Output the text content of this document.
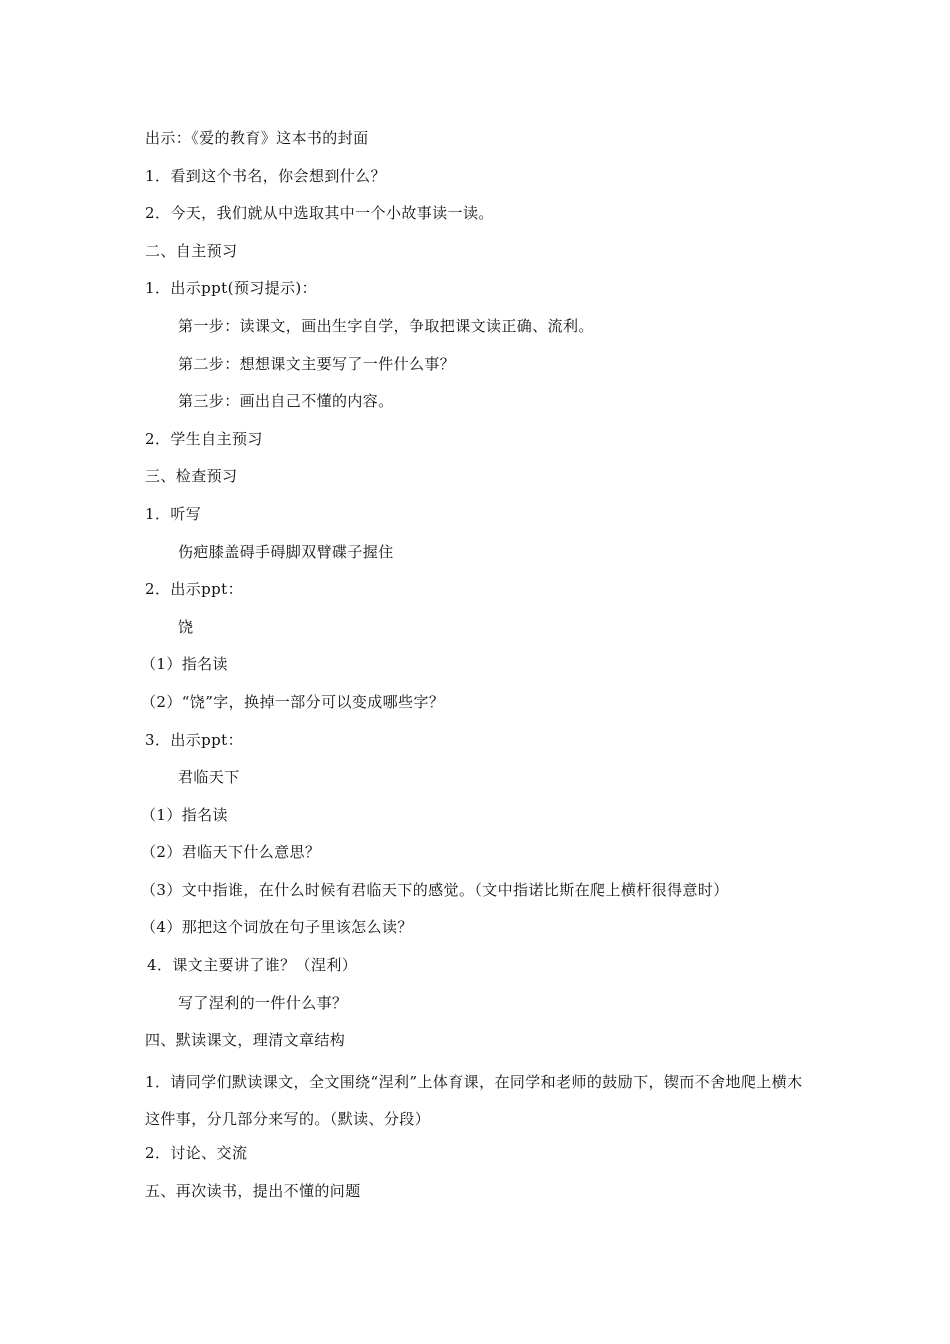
出示：《爱的教育》这本书的封面
1．看到这个书名，你会想到什么？
2．今天，我们就从中选取其中一个小故事读一读。
二、自主预习
1．出示ppt(预习提示)：
第一步：读课文，画出生字自学，争取把课文读正确、流利。
第二步：想想课文主要写了一件什么事？
第三步：画出自己不懂的内容。
2．学生自主预习
三、检查预习
1．听写
伤疤膝盖碍手碍脚双臂碟子握住
2．出示ppt：
饶
（1）指名读
（2）“饶”字，换掉一部分可以变成哪些字？
3．出示ppt：
君临天下
（1）指名读
（2）君临天下什么意思？
（3）文中指谁，在什么时候有君临天下的感觉。（文中指诺比斯在爬上横杆很得意时）
（4）那把这个词放在句子里该怎么读？
4．课文主要讲了谁？（涅利）
写了涅利的一件什么事？
四、默读课文，理清文章结构
1．请同学们默读课文，全文围绕“涅利”上体育课，在同学和老师的鼓励下，锲而不舍地爬上横木这件事，分几部分来写的。（默读、分段）
2．讨论、交流
五、再次读书，提出不懂的问题
